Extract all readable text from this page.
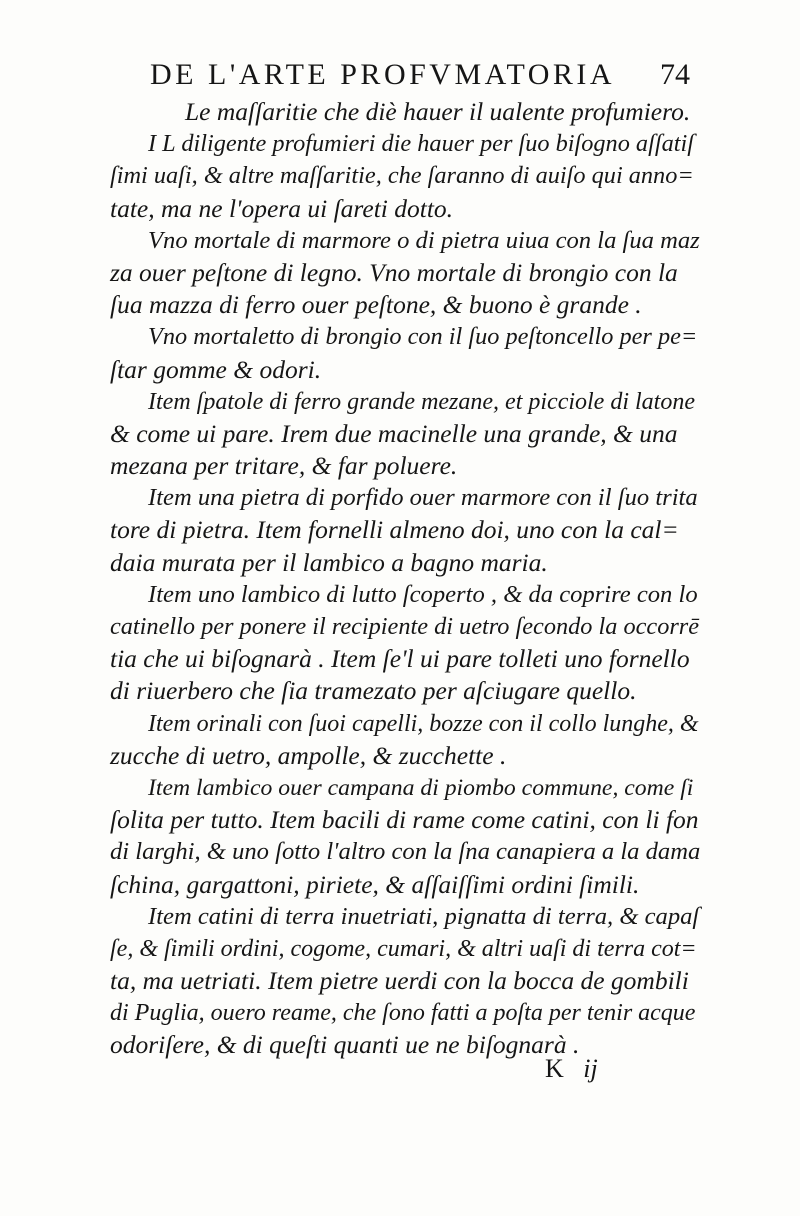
DE L'ARTE PROFVMATORIA 74
Le maſſaritie che diè hauer il ualente profumiero.
I L diligente profumieri die hauer per ſuo biſogno aſſatiſ
ſimi uaſi, & altre maſſaritie, che ſaranno di auiſo qui anno=
tate, ma ne l'opera ui ſareti dotto.
Vno mortale di marmore o di pietra uiua con la ſua maz
za ouer peſtone di legno. Vno mortale di brongio con la
ſua mazza di ferro ouer peſtone, & buono è grande .
Vno mortaletto di brongio con il ſuo peſtoncello per pe=
ſtar gomme & odori.
Item ſpatole di ferro grande mezane, et picciole di latone
& come ui pare. Irem due macinelle una grande, & una
mezana per tritare, & far poluere.
Item una pietra di porfido ouer marmore con il ſuo trita
tore di pietra. Item fornelli almeno doi, uno con la cal=
daia murata per il lambico a bagno maria.
Item uno lambico di lutto ſcoperto , & da coprire con lo
catinello per ponere il recipiente di uetro ſecondo la occorrē
tia che ui biſognarà . Item ſe'l ui pare tolleti uno fornello
di riuerbero che ſia tramezato per aſciugare quello.
Item orinali con ſuoi capelli, bozze con il collo lunghe, &
zucche di uetro, ampolle, & zucchette .
Item lambico ouer campana di piombo commune, come ſi
ſolita per tutto. Item bacili di rame come catini, con li fon
di larghi, & uno ſotto l'altro con la ſna canapiera a la dama
ſchina, gargattoni, piriete, & aſſaiſſimi ordini ſimili.
Item catini di terra inuetriati, pignatta di terra, & capaſ
ſe, & ſimili ordini, cogome, cumari, & altri uaſi di terra cot=
ta, ma uetriati. Item pietre uerdi con la bocca de gombili
di Puglia, ouero reame, che ſono fatti a poſta per tenir acque
odoriſere, & di queſti quanti ue ne biſognarà .
K ij
